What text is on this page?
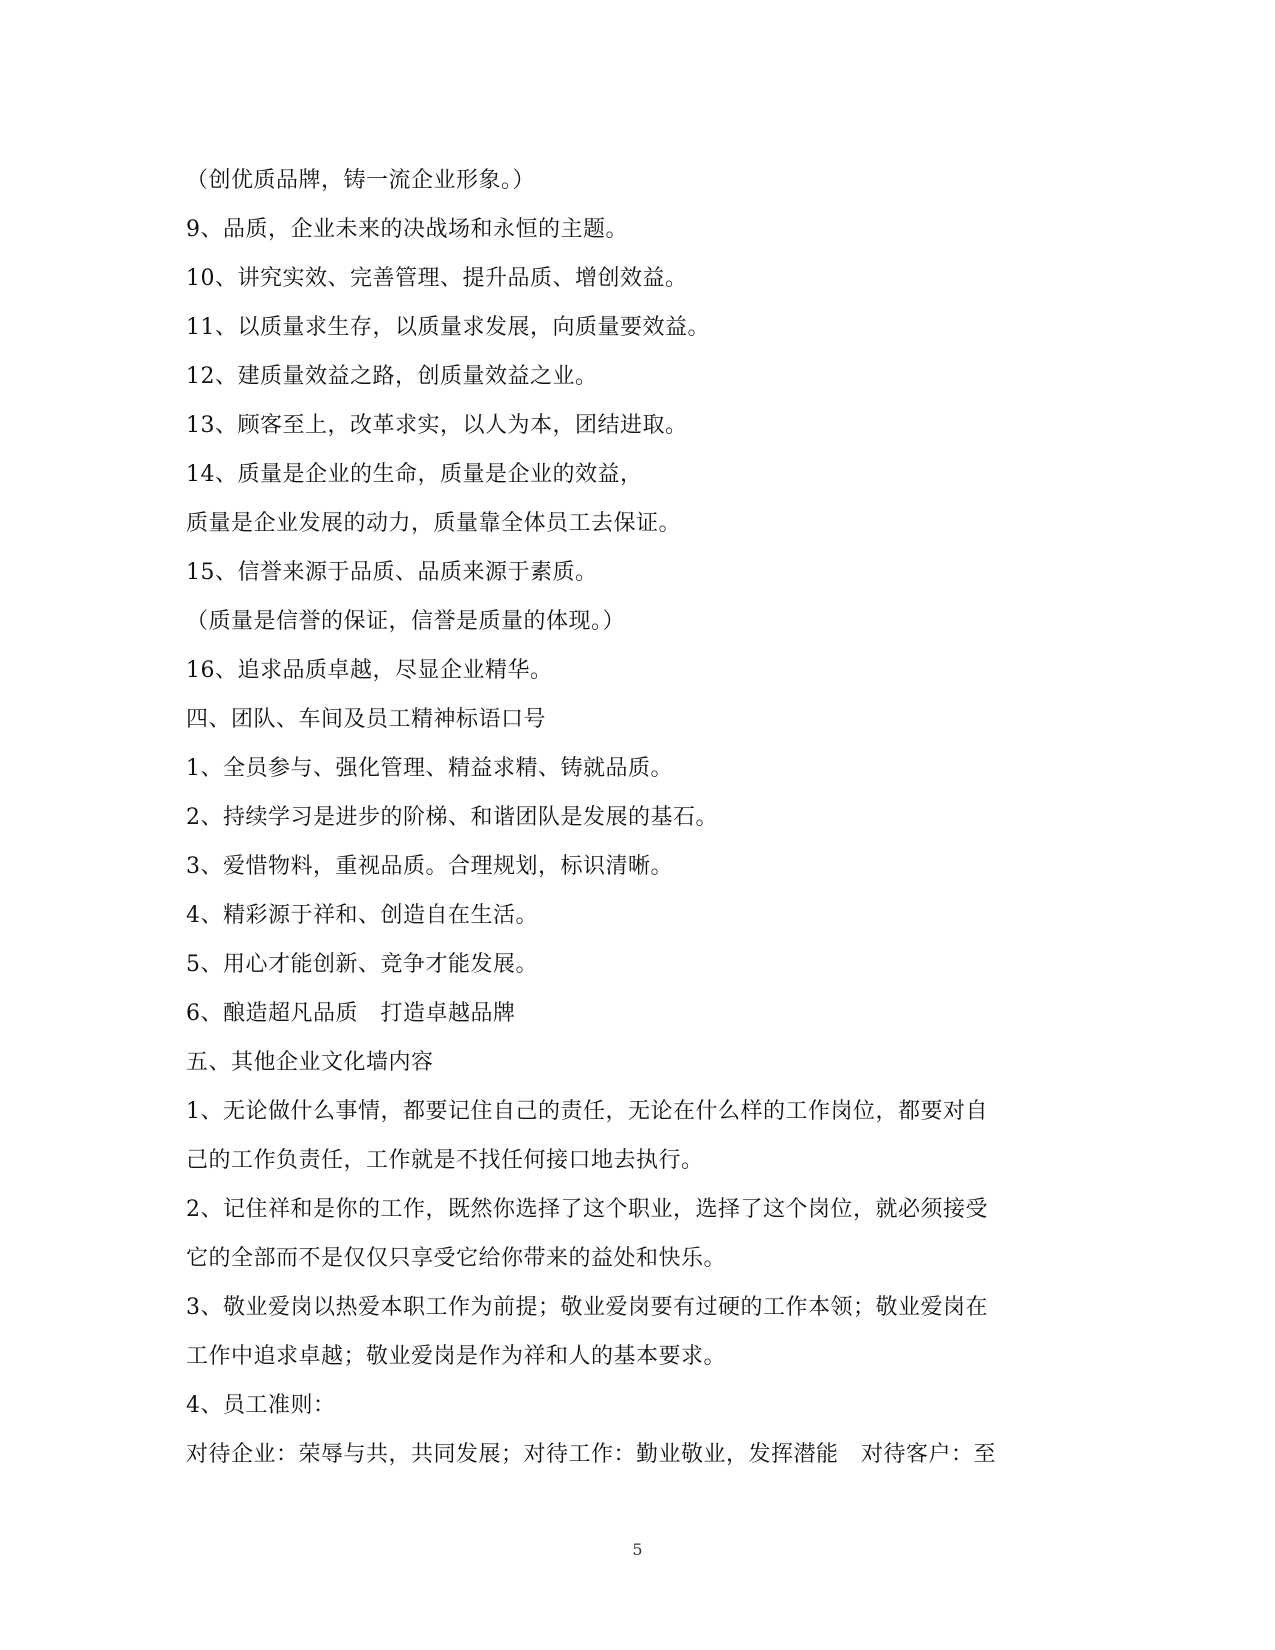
（创优质品牌，铸一流企业形象。）
9、品质，企业未来的决战场和永恒的主题。
10、讲究实效、完善管理、提升品质、增创效益。
11、以质量求生存，以质量求发展，向质量要效益。
12、建质量效益之路，创质量效益之业。
13、顾客至上，改革求实，以人为本，团结进取。
14、质量是企业的生命，质量是企业的效益，
质量是企业发展的动力，质量靠全体员工去保证。
15、信誉来源于品质、品质来源于素质。
（质量是信誉的保证，信誉是质量的体现。）
16、追求品质卓越，尽显企业精华。
四、团队、车间及员工精神标语口号
1、全员参与、强化管理、精益求精、铸就品质。
2、持续学习是进步的阶梯、和谐团队是发展的基石。
3、爱惜物料，重视品质。合理规划，标识清晰。
4、精彩源于祥和、创造自在生活。
5、用心才能创新、竞争才能发展。
6、酿造超凡品质　打造卓越品牌
五、其他企业文化墙内容
1、无论做什么事情，都要记住自己的责任，无论在什么样的工作岗位，都要对自
己的工作负责任，工作就是不找任何接口地去执行。
2、记住祥和是你的工作，既然你选择了这个职业，选择了这个岗位，就必须接受
它的全部而不是仅仅只享受它给你带来的益处和快乐。
3、敬业爱岗以热爱本职工作为前提；敬业爱岗要有过硬的工作本领；敬业爱岗在
工作中追求卓越；敬业爱岗是作为祥和人的基本要求。
4、员工准则：
对待企业：荣辱与共，共同发展；对待工作：勤业敬业，发挥潜能　对待客户：至
5
